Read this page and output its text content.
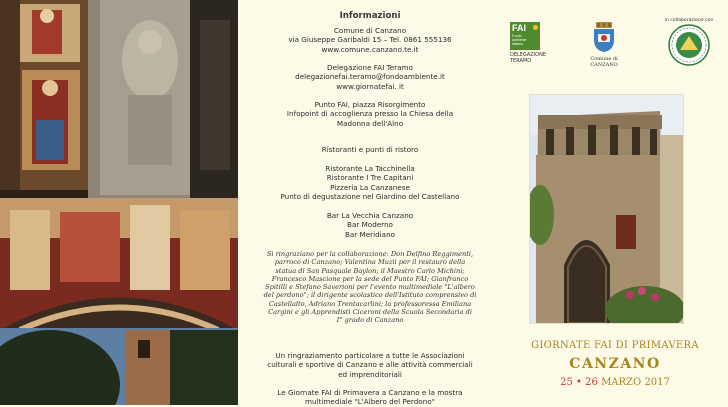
Informazioni
Comune di Canzano
via Giuseppe Garibaldi 15 – Tel. 0861 555136
www.comune.canzano.te.it
Delegazione FAI Teramo
delegazionefai.teramo@fondoambiente.it
www.giornatefai. it
Punto FAI, piazza Risorgimento
Infopoint di accoglienza presso la Chiesa della
Madonna dell'Alno
Ristoranti e punti di ristoro
Ristorante La Tacchinella
Ristorante I Tre Capitani
Pizzeria La Canzanese
Punto di degustazione nel Giardino del Castellano
Bar La Vecchia Canzano
Bar Moderno
Bar Meridiano
Si ringraziano per la collaborazione: Don Delfino Reggimenti,
parroco di Canzano; Valentina Muzii per il restauro della
statua di San Pasquale Baylon; il Maestro Carlo Michini;
Francesco Mascione per la sede del Punto FAI; Gianfranco
Spitilli e Stefano Saverioni per l'evento multimediale "L'albero
del perdono"; il dirigente scolastico dell'Istituto comprensivo di
Castellalto, Adriano Trentacarlini; la professoressa Emiliana
Cargini e gli Apprendisti Ciceroni della Scuola Secondaria di
I° grado di Canzano
Un ringraziamento particolare a tutte le Associazioni
culturali e sportive di Canzano e alle attività commerciali
ed imprenditoriali
Le Giornate FAI di Primavera a Canzano e la mostra
multimediale "L'Albero del Perdono"
FAI
Fondo
Ambiente
Italiano
DELEGAZIONE
TERAMO	Comune di
CANZANO
in collaborazione con
GIORNATE FAI DI PRIMAVERA
CANZANO
25 • 26 MARZO 2017
